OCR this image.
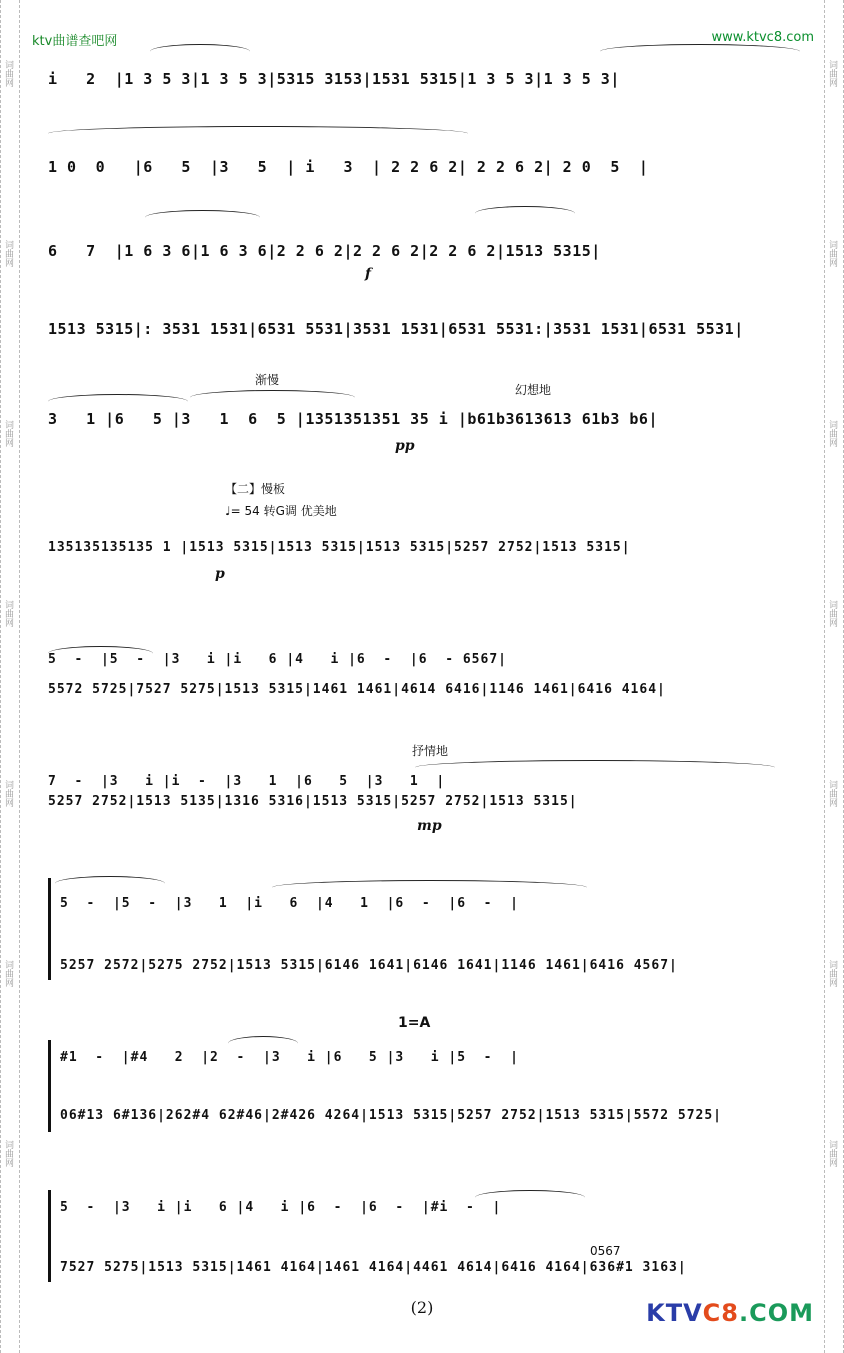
词曲网
词曲网
词曲网
词曲网
词曲网
词曲网
词曲网
词曲网
词曲网
词曲网
词曲网
词曲网
词曲网
词曲网
ktv曲谱查吧网	www.ktvc8.com
KTVC8.COM
i   2  |1 3 5 3|1 3 5 3|5315 3153|1531 5315|1 3 5 3|1 3 5 3|
1 0  0   |6   5  |3   5  | i   3  | 2 2 6 2| 2 2 6 2| 2 0  5  |
6   7  |1 6 3 6|1 6 3 6|2 2 6 2|2 2 6 2|2 2 6 2|1513 5315|
f
1513 5315|: 3531 1531|6531 5531|3531 1531|6531 5531:|3531 1531|6531 5531|
渐慢
幻想地
3   1 |6   5 |3   1  6  5 |1351351351 35 i |b61b3613613 61b3 b6|
pp
【二】慢板
♩= 54 转G调 优美地
135135135135 1 |1513 5315|1513 5315|1513 5315|5257 2752|1513 5315|
p
5  -  |5  -  |3   i |i   6 |4   i |6  -  |6  - 6567|
5572 5725|7527 5275|1513 5315|1461 1461|4614 6416|1146 1461|6416 4164|
抒情地
7  -  |3   i |i  -  |3   1  |6   5  |3   1  |
5257 2752|1513 5135|1316 5316|1513 5315|5257 2752|1513 5315|
mp
5  -  |5  -  |3   1  |i   6  |4   1  |6  -  |6  -  |
5257 2572|5275 2752|1513 5315|6146 1641|6146 1641|1146 1461|6416 4567|
1=A
#1  -  |#4   2  |2  -  |3   i |6   5 |3   i |5  -  |
06#13 6#136|262#4 62#46|2#426 4264|1513 5315|5257 2752|1513 5315|5572 5725|
5  -  |3   i |i   6 |4   i |6  -  |6  -  |#i  -  |
0567
7527 5275|1513 5315|1461 4164|1461 4164|4461 4614|6416 4164|636#1 3163|
(2)
